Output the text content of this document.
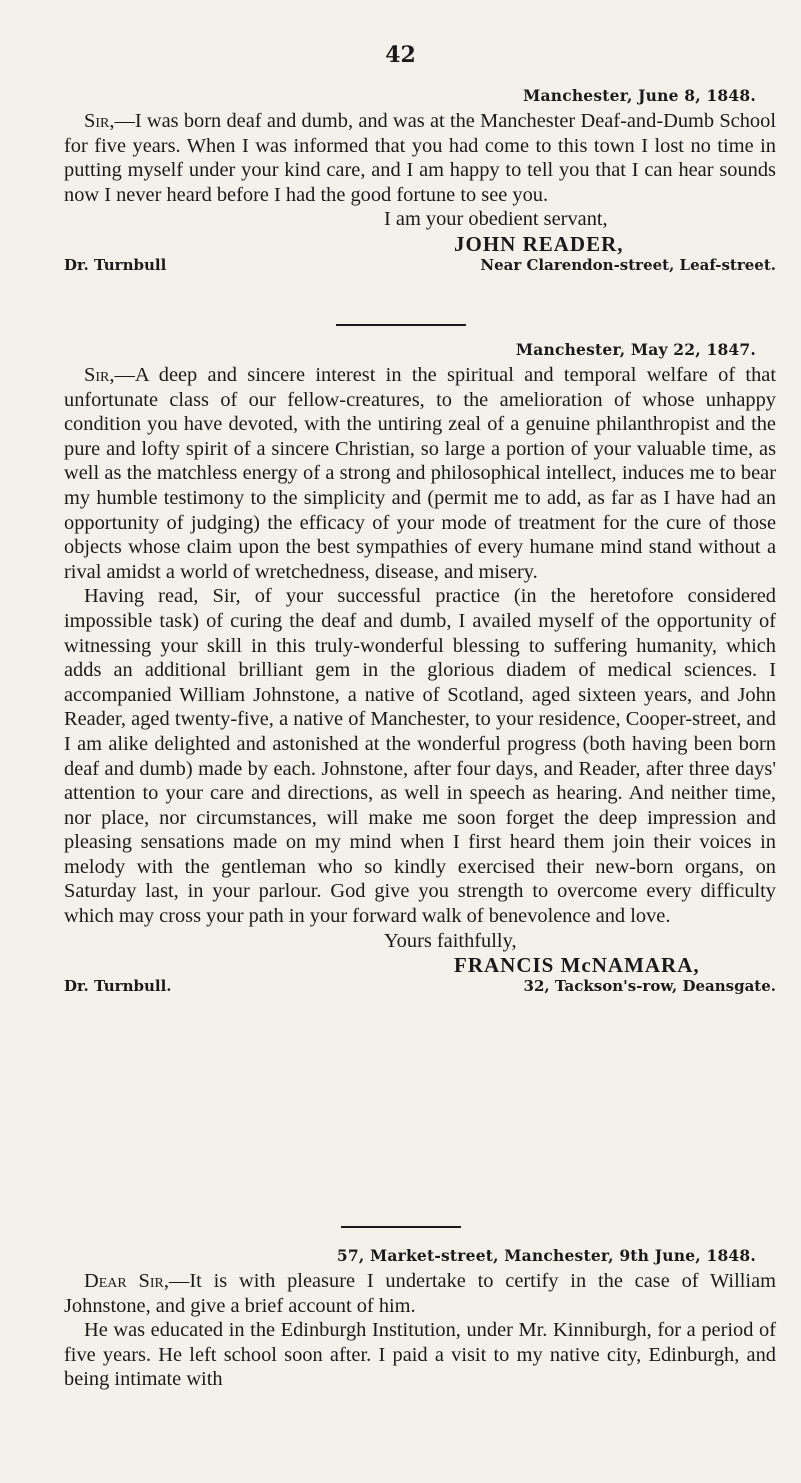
42
Manchester, June 8, 1848.

Sir,—I was born deaf and dumb, and was at the Manchester Deaf-and-Dumb School for five years. When I was informed that you had come to this town I lost no time in putting myself under your kind care, and I am happy to tell you that I can hear sounds now I never heard before I had the good fortune to see you.

I am your obedient servant,
JOHN READER,
Dr. Turnbull	Near Clarendon-street, Leaf-street.
Manchester, May 22, 1847.

Sir,—A deep and sincere interest in the spiritual and temporal welfare of that unfortunate class of our fellow-creatures, to the amelioration of whose unhappy condition you have devoted, with the untiring zeal of a genuine philanthropist and the pure and lofty spirit of a sincere Christian, so large a portion of your valuable time, as well as the matchless energy of a strong and philosophical intellect, induces me to bear my humble testimony to the simplicity and (permit me to add, as far as I have had an opportunity of judging) the efficacy of your mode of treatment for the cure of those objects whose claim upon the best sympathies of every humane mind stand without a rival amidst a world of wretchedness, disease, and misery.

Having read, Sir, of your successful practice (in the heretofore considered impossible task) of curing the deaf and dumb, I availed myself of the opportunity of witnessing your skill in this truly-wonderful blessing to suffering humanity, which adds an additional brilliant gem in the glorious diadem of medical sciences. I accompanied William Johnstone, a native of Scotland, aged sixteen years, and John Reader, aged twenty-five, a native of Manchester, to your residence, Cooper-street, and I am alike delighted and astonished at the wonderful progress (both having been born deaf and dumb) made by each. Johnstone, after four days, and Reader, after three days' attention to your care and directions, as well in speech as hearing. And neither time, nor place, nor circumstances, will make me soon forget the deep impression and pleasing sensations made on my mind when I first heard them join their voices in melody with the gentleman who so kindly exercised their new-born organs, on Saturday last, in your parlour. God give you strength to overcome every difficulty which may cross your path in your forward walk of benevolence and love.

Yours faithfully,
FRANCIS McNAMARA,
Dr. Turnbull.	32, Tackson's-row, Deansgate.
57, Market-street, Manchester, 9th June, 1848.

Dear Sir,—It is with pleasure I undertake to certify in the case of William Johnstone, and give a brief account of him.

He was educated in the Edinburgh Institution, under Mr. Kinniburgh, for a period of five years. He left school soon after. I paid a visit to my native city, Edinburgh, and being intimate with
